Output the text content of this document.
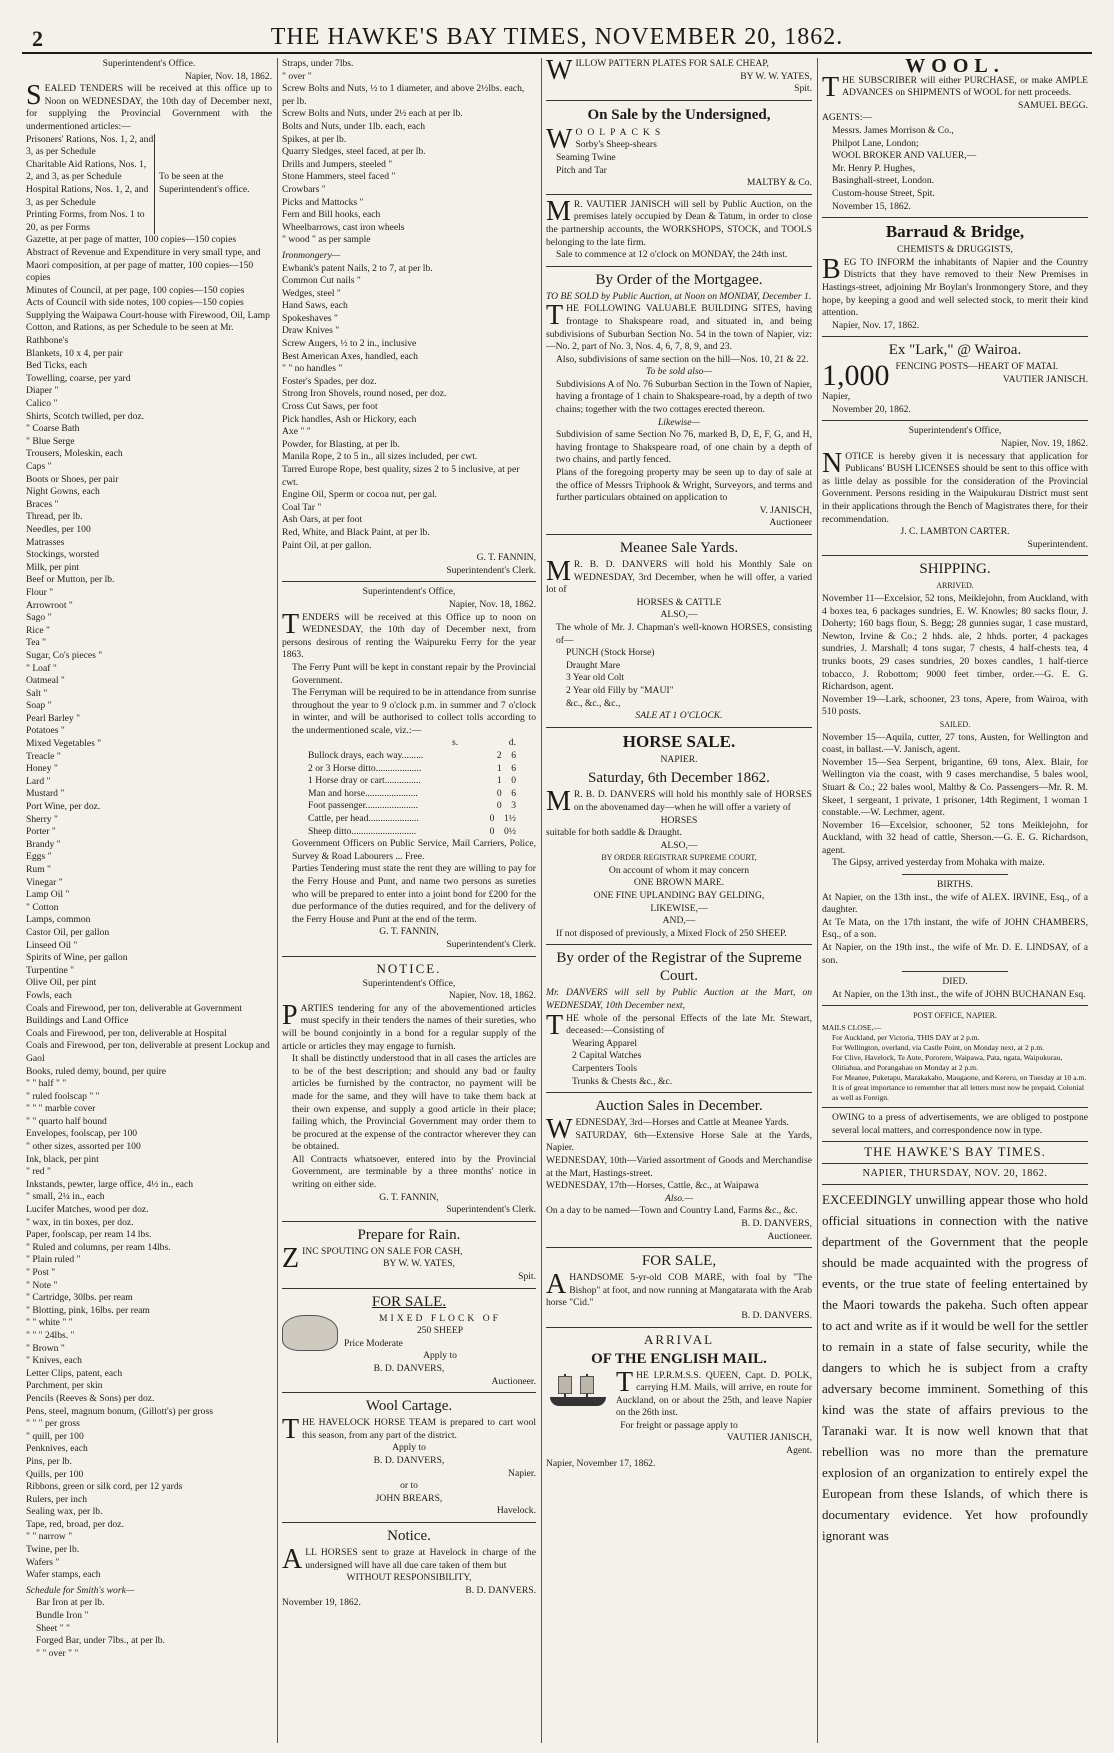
2	THE HAWKE'S BAY TIMES, NOVEMBER 20, 1862.
Superintendent's Office.
Napier, Nov. 18, 1862.
S EALED TENDERS will be received at this office up to Noon on WEDNESDAY, the 10th day of December next, for supplying the Provincial Government with the undermentioned articles:—
Prisoners' Rations, Nos. 1, 2, and 3, as per Schedule
Charitable Aid Rations, Nos. 1, 2, and 3, as per Schedule
Hospital Rations, Nos. 1, 2, and 3, as per Schedule
Printing Forms, from Nos. 1 to 20, as per Forms
To be seen at the Superintendent's office.
Gazette, at per page of matter, 100 copies—150 copies
Abstract of Revenue and Expenditure in very small type, and Maori composition, at per page of matter, 100 copies—150 copies
Minutes of Council, at per page, 100 copies—150 copies
Acts of Council with side notes, 100 copies—150 copies
Supplying the Waipawa Court-house with Firewood, Oil, Lamp Cotton, and Rations, as per Schedule to be seen at Mr. Rathbone's
Blankets, 10 x 4, per pair
Bed Ticks, each
Towelling, coarse, per yard
Diaper "
Calico "
Shirts, Scotch twilled, per doz.
" Coarse Bath
" Blue Serge
Trousers, Moleskin, each
Caps "
Boots or Shoes, per pair
Night Gowns, each
Braces "
Thread, per lb.
Needles, per 100
Matrasses
Stockings, worsted
Milk, per pint
Beef or Mutton, per lb.
Flour "
Arrowroot "
Sago "
Rice "
Tea "
Sugar, Co's pieces "
" Loaf "
Oatmeal "
Salt "
Soap "
Pearl Barley "
Potatoes "
Mixed Vegetables "
Treacle "
Honey "
Lard "
Mustard "
Port Wine, per doz.
Sherry "
Porter "
Brandy "
Eggs "
Rum "
Vinegar "
Lamp Oil "
" Cotton
Lamps, common
Castor Oil, per gallon
Linseed Oil "
Spirits of Wine, per gallon
Turpentine "
Olive Oil, per pint
Fowls, each
Coals and Firewood, per ton, deliverable at Government Buildings and Land Office
Coals and Firewood, per ton, deliverable at Hospital
Coals and Firewood, per ton, deliverable at present Lockup and Gaol
Books, ruled demy, bound, per quire
" " half " "
" ruled foolscap " "
" " " marble cover
" " quarto half bound
Envelopes, foolscap, per 100
" other sizes, assorted per 100
Ink, black, per pint
" red "
Inkstands, pewter, large office, 4½ in., each
" small, 2¼ in., each
Lucifer Matches, wood per doz.
" wax, in tin boxes, per doz.
Paper, foolscap, per ream 14 lbs.
" Ruled and columns, per ream 14lbs.
" Plain ruled "
" Post "
" Note "
" Cartridge, 30lbs. per ream
" Blotting, pink, 16lbs. per ream
" " white " "
" " " 24lbs. "
" Brown "
" Knives, each
Letter Clips, patent, each
Parchment, per skin
Pencils (Reeves & Sons) per doz.
Pens, steel, magnum bonum, (Gillott's) per gross
" " " per gross
" quill, per 100
Penknives, each
Pins, per lb.
Quills, per 100
Ribbons, green or silk cord, per 12 yards
Rulers, per inch
Sealing wax, per lb.
Tape, red, broad, per doz.
" " narrow "
Twine, per lb.
Wafers "
Wafer stamps, each
Schedule for Smith's work—
Bar Iron at per lb.
Bundle Iron "
Sheet " "
Forged Bar, under 7lbs., at per lb.
" " over " "
Straps, under 7lbs.
" over "
Screw Bolts and Nuts, ½ to 1 diameter, and above 2½lbs. each, per lb.
Screw Bolts and Nuts, under 2½ each at per lb.
Bolts and Nuts, under 1lb. each, each
Spikes, at per lb.
Quarry Sledges, steel faced, at per lb.
Drills and Jumpers, steeled "
Stone Hammers, steel faced "
Crowbars "
Picks and Mattocks "
Fern and Bill hooks, each
Wheelbarrows, cast iron wheels
" wood " as per sample
Ironmongery—
Ewbank's patent Nails, 2 to 7, at per lb.
Common Cut nails "
Wedges, steel "
Hand Saws, each
Spokeshaves "
Draw Knives "
Screw Augers, ½ to 2 in., inclusive
Best American Axes, handled, each
" " no handles "
Foster's Spades, per doz.
Strong Iron Shovels, round nosed, per doz.
Cross Cut Saws, per foot
Pick handles, Ash or Hickory, each
Axe " "
Powder, for Blasting, at per lb.
Manila Rope, 2 to 5 in., all sizes included, per cwt.
Tarred Europe Rope, best quality, sizes 2 to 5 inclusive, at per cwt.
Engine Oil, Sperm or cocoa nut, per gal.
Coal Tar "
Ash Oars, at per foot
Red, White, and Black Paint, at per lb.
Paint Oil, at per gallon.
G. T. FANNIN,
Superintendent's Clerk.
Superintendent's Office,
Napier, Nov. 18, 1862.
T ENDERS will be received at this Office up to noon on WEDNESDAY, the 10th day of December next, from persons desirous of renting the Waipureku Ferry for the year 1863.
The Ferry Punt will be kept in constant repair by the Provincial Government.
The Ferryman will be required to be in attendance from sunrise throughout the year to 9 o'clock p.m. in summer and 7 o'clock in winter, and will be authorised to collect tolls according to the undermentioned scale, viz.:—
s.	d.
Bullock drays, each way.........	2 6
2 or 3 Horse ditto...................	1 6
1 Horse dray or cart...............	1 0
Man and horse......................	0 6
Foot passenger......................	0 3
Cattle, per head.....................	0 1½
Sheep ditto...........................	0 0½
Government Officers on Public Service, Mail Carriers, Police, Survey & Road Labourers ... Free.
Parties Tendering must state the rent they are willing to pay for the Ferry House and Punt, and name two persons as sureties who will be prepared to enter into a joint bond for £200 for the due performance of the duties required, and for the delivery of the Ferry House and Punt at the end of the term.
G. T. FANNIN,
Superintendent's Clerk.
NOTICE.
Superintendent's Office,
Napier, Nov. 18, 1862.
P ARTIES tendering for any of the abovementioned articles must specify in their tenders the names of their sureties, who will be bound conjointly in a bond for a regular supply of the article or articles they may engage to furnish.
It shall be distinctly understood that in all cases the articles are to be of the best description; and should any bad or faulty articles be furnished by the contractor, no payment will be made for the same, and they will have to take them back at their own expense, and supply a good article in their place; failing which, the Provincial Government may order them to be procured at the expense of the contractor wherever they can be obtained.
All Contracts whatsoever, entered into by the Provincial Government, are terminable by a three months' notice in writing on either side.
G. T. FANNIN,
Superintendent's Clerk.
Prepare for Rain.
Z INC SPOUTING ON SALE FOR CASH,
BY W. W. YATES,
Spit.
FOR SALE.
MIXED FLOCK OF
250 SHEEP
Price Moderate
Apply to
B. D. DANVERS,
Auctioneer.
Wool Cartage.
T HE HAVELOCK HORSE TEAM is prepared to cart wool this season, from any part of the district.
Apply to
B. D. DANVERS,
Napier.
or to
JOHN BREARS,
Havelock.
Notice.
A LL HORSES sent to graze at Havelock in charge of the undersigned will have all due care taken of them but
WITHOUT RESPONSIBILITY,
B. D. DANVERS.
November 19, 1862.
W ILLOW PATTERN PLATES FOR SALE CHEAP,
BY W. W. YATES,
Spit.
On Sale by the Undersigned,
W OOLPACKS
Sorby's Sheep-shears
Seaming Twine
Pitch and Tar
MALTBY & Co.
M R. VAUTIER JANISCH will sell by Public Auction, on the premises lately occupied by Dean & Tatum, in order to close the partnership accounts, the WORKSHOPS, STOCK, and TOOLS belonging to the late firm.
Sale to commence at 12 o'clock on MONDAY, the 24th inst.
By Order of the Mortgagee.
TO BE SOLD by Public Auction, at Noon on MONDAY, December 1.
T HE FOLLOWING VALUABLE BUILDING SITES, having frontage to Shakspeare road, and situated in, and being subdivisions of Suburban Section No. 54 in the town of Napier, viz:—No. 2, part of No. 3, Nos. 4, 6, 7, 8, 9, and 23.
Also, subdivisions of same section on the hill—Nos. 10, 21 & 22.
To be sold also—
Subdivisions A of No. 76 Suburban Section in the Town of Napier, having a frontage of 1 chain to Shakspeare-road, by a depth of two chains; together with the two cottages erected thereon.
Likewise—
Subdivision of same Section No 76, marked B, D, E, F, G, and H, having frontage to Shakspeare road, of one chain by a depth of two chains, and partly fenced.
Plans of the foregoing property may be seen up to day of sale at the office of Messrs Triphook & Wright, Surveyors, and terms and further particulars obtained on application to
V. JANISCH,
Auctioneer
Meanee Sale Yards.
M R. B. D. DANVERS will hold his Monthly Sale on WEDNESDAY, 3rd December, when he will offer, a varied lot of
HORSES & CATTLE
ALSO,—
The whole of Mr. J. Chapman's well-known HORSES, consisting of—
PUNCH (Stock Horse)
Draught Mare
3 Year old Colt
2 Year old Filly by "MAUI"
&c., &c., &c.,
SALE AT 1 O'CLOCK.
HORSE SALE.
NAPIER.
Saturday, 6th December 1862.
M R. B. D. DANVERS will hold his monthly sale of HORSES on the abovenamed day—when he will offer a variety of
HORSES
suitable for both saddle & Draught.
ALSO,—
BY ORDER REGISTRAR SUPREME COURT,
On account of whom it may concern
ONE BROWN MARE.
ONE FINE UPLANDING BAY GELDING,
LIKEWISE,—
AND,—
If not disposed of previously, a Mixed Flock of 250 SHEEP.
By order of the Registrar of the Supreme Court.
Mr. DANVERS will sell by Public Auction at the Mart, on WEDNESDAY, 10th December next,
T HE whole of the personal Effects of the late Mr. Stewart, deceased:—Consisting of
Wearing Apparel
2 Capital Watches
Carpenters Tools
Trunks & Chests &c., &c.
Auction Sales in December.
W EDNESDAY, 3rd—Horses and Cattle at Meanee Yards.
SATURDAY, 6th—Extensive Horse Sale at the Yards, Napier.
WEDNESDAY, 10th—Varied assortment of Goods and Merchandise at the Mart, Hastings-street.
WEDNESDAY, 17th—Horses, Cattle, &c., at Waipawa
Also.—
On a day to be named—Town and Country Land, Farms &c., &c.
B. D. DANVERS,
Auctioneer.
FOR SALE,
A HANDSOME 5-yr-old COB MARE, with foal by "The Bishop" at foot, and now running at Mangatarata with the Arab horse "Cid."
B. D. DANVERS.
ARRIVAL
OF THE ENGLISH MAIL.
T HE I.P.R.M.S.S. QUEEN, Capt. D. POLK, carrying H.M. Mails, will arrive, en route for Auckland, on or about the 25th, and leave Napier on the 26th inst.
For freight or passage apply to
VAUTIER JANISCH,
Agent.
Napier, November 17, 1862.
WOOL.
T HE SUBSCRIBER will either PURCHASE, or make AMPLE ADVANCES on SHIPMENTS of WOOL for nett proceeds.
SAMUEL BEGG.
AGENTS:—
Messrs. James Morrison & Co.,
Philpot Lane, London;
WOOL BROKER AND VALUER,—
Mr. Henry P. Hughes,
Basinghall-street, London.
Custom-house Street, Spit.
November 15, 1862.
Barraud & Bridge,
CHEMISTS & DRUGGISTS,
B EG TO INFORM the inhabitants of Napier and the Country Districts that they have removed to their New Premises in Hastings-street, adjoining Mr Boylan's Ironmongery Store, and they hope, by keeping a good and well selected stock, to merit their kind attention.
Napier, Nov. 17, 1862.
Ex "Lark," @ Wairoa.
1,000 FENCING POSTS—HEART OF MATAI.
VAUTIER JANISCH.
Napier,
November 20, 1862.
Superintendent's Office,
Napier, Nov. 19, 1862.
N OTICE is hereby given it is necessary that application for Publicans' BUSH LICENSES should be sent to this office with as little delay as possible for the consideration of the Provincial Government. Persons residing in the Waipukurau District must sent in their applications through the Bench of Magistrates there, for their recommendation.
J. C. LAMBTON CARTER.
Superintendent.
SHIPPING.
ARRIVED.
November 11—Excelsior, 52 tons, Meiklejohn, from Auckland, with 4 boxes tea, 6 packages sundries, E. W. Knowles; 80 sacks flour, J. Doherty; 160 bags flour, S. Begg; 28 gunnies sugar, 1 case mustard, Newton, Irvine & Co.; 2 hhds. ale, 2 hhds. porter, 4 packages sundries, J. Marshall; 4 tons sugar, 7 chests, 4 half-chests tea, 4 trunks boots, 29 cases sundries, 20 boxes candles, 1 half-tierce tobacco, J. Robottom; 9000 feet timber, order.—G. E. G. Richardson, agent.
November 19—Lark, schooner, 23 tons, Apere, from Wairoa, with 510 posts.
SAILED.
November 15—Aquila, cutter, 27 tons, Austen, for Wellington and coast, in ballast.—V. Janisch, agent.
November 15—Sea Serpent, brigantine, 69 tons, Alex. Blair, for Wellington via the coast, with 9 cases merchandise, 5 bales wool, Stuart & Co.; 22 bales wool, Maltby & Co. Passengers—Mr. R. M. Skeet, 1 sergeant, 1 private, 1 prisoner, 14th Regiment, 1 woman 1 constable.—W. Lechmer, agent.
November 16—Excelsior, schooner, 52 tons Meiklejohn, for Auckland, with 32 head of cattle, Sherson.—G. E. G. Richardson, agent.
The Gipsy, arrived yesterday from Mohaka with maize.
BIRTHS.
At Napier, on the 13th inst., the wife of ALEX. IRVINE, Esq., of a daughter.
At Te Mata, on the 17th instant, the wife of JOHN CHAMBERS, Esq., of a son.
At Napier, on the 19th inst., the wife of Mr. D. E. LINDSAY, of a son.
DIED.
At Napier, on the 13th inst., the wife of JOHN BUCHANAN Esq.
POST OFFICE, NAPIER.
MAILS CLOSE,—
For Auckland, per Victoria, THIS DAY at 2 p.m.
For Wellington, overland, via Castle Point, on Monday next, at 2 p.m.
For Clive, Havelock, Te Aute, Pororere, Waipawa, Pata, ngata, Waipukurau, Olitiahua, and Porangahau on Monday at 2 p.m.
For Meanee, Puketapu, Marakakaho, Maugaone, and Kereru, on Tuesday at 10 a.m.
It is of great importance to remember that all letters must now be prepaid, Colonial as well as Foreign.
OWING to a press of advertisements, we are obliged to postpone several local matters, and correspondence now in type.
THE HAWKE'S BAY TIMES.
NAPIER, THURSDAY, NOV. 20, 1862.
EXCEEDINGLY unwilling appear those who hold official situations in connection with the native department of the Government that the people should be made acquainted with the progress of events, or the true state of feeling entertained by the Maori towards the pakeha. Such often appear to act and write as if it would be well for the settler to remain in a state of false security, while the dangers to which he is subject from a crafty adversary become imminent. Something of this kind was the state of affairs previous to the Taranaki war. It is now well known that that rebellion was no more than the premature explosion of an organization to entirely expel the European from these Islands, of which there is documentary evidence. Yet how profoundly ignorant was
